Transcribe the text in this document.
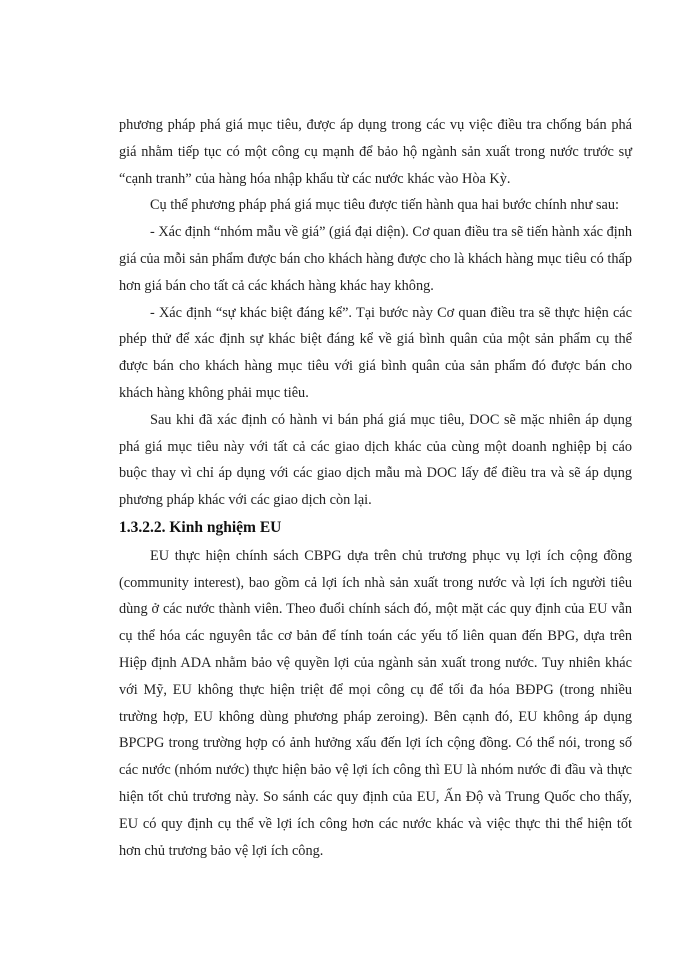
phương pháp phá giá mục tiêu, được áp dụng trong các vụ việc điều tra chống bán phá giá nhằm tiếp tục có một công cụ mạnh để bảo hộ ngành sản xuất trong nước trước sự “cạnh tranh” của hàng hóa nhập khẩu từ các nước khác vào Hòa Kỳ.

Cụ thể phương pháp phá giá mục tiêu được tiến hành qua hai bước chính như sau:

- Xác định “nhóm mẫu về giá” (giá đại diện). Cơ quan điều tra sẽ tiến hành xác định giá của mỗi sản phẩm được bán cho khách hàng được cho là khách hàng mục tiêu có thấp hơn giá bán cho tất cả các khách hàng khác hay không.

- Xác định “sự khác biệt đáng kể”. Tại bước này Cơ quan điều tra sẽ thực hiện các phép thử để xác định sự khác biệt đáng kể về giá bình quân của một sản phẩm cụ thể được bán cho khách hàng mục tiêu với giá bình quân của sản phẩm đó được bán cho khách hàng không phải mục tiêu.

Sau khi đã xác định có hành vi bán phá giá mục tiêu, DOC sẽ mặc nhiên áp dụng phá giá mục tiêu này với tất cả các giao dịch khác của cùng một doanh nghiệp bị cáo buộc thay vì chỉ áp dụng với các giao dịch mẫu mà DOC lấy để điều tra và sẽ áp dụng phương pháp khác với các giao dịch còn lại.

1.3.2.2. Kinh nghiệm EU

EU thực hiện chính sách CBPG dựa trên chủ trương phục vụ lợi ích cộng đồng (community interest), bao gồm cả lợi ích nhà sản xuất trong nước và lợi ích người tiêu dùng ở các nước thành viên. Theo đuổi chính sách đó, một mặt các quy định của EU vẫn cụ thể hóa các nguyên tắc cơ bản để tính toán các yếu tố liên quan đến BPG, dựa trên Hiệp định ADA nhằm bảo vệ quyền lợi của ngành sản xuất trong nước. Tuy nhiên khác với Mỹ, EU không thực hiện triệt để mọi công cụ để tối đa hóa BĐPG (trong nhiều trường hợp, EU không dùng phương pháp zeroing). Bên cạnh đó, EU không áp dụng BPCPG trong trường hợp có ảnh hưởng xấu đến lợi ích cộng đồng. Có thể nói, trong số các nước (nhóm nước) thực hiện bảo vệ lợi ích công thì EU là nhóm nước đi đầu và thực hiện tốt chủ trương này. So sánh các quy định của EU, Ấn Độ và Trung Quốc cho thấy, EU có quy định cụ thể về lợi ích công hơn các nước khác và việc thực thi thể hiện tốt hơn chủ trương bảo vệ lợi ích công.
